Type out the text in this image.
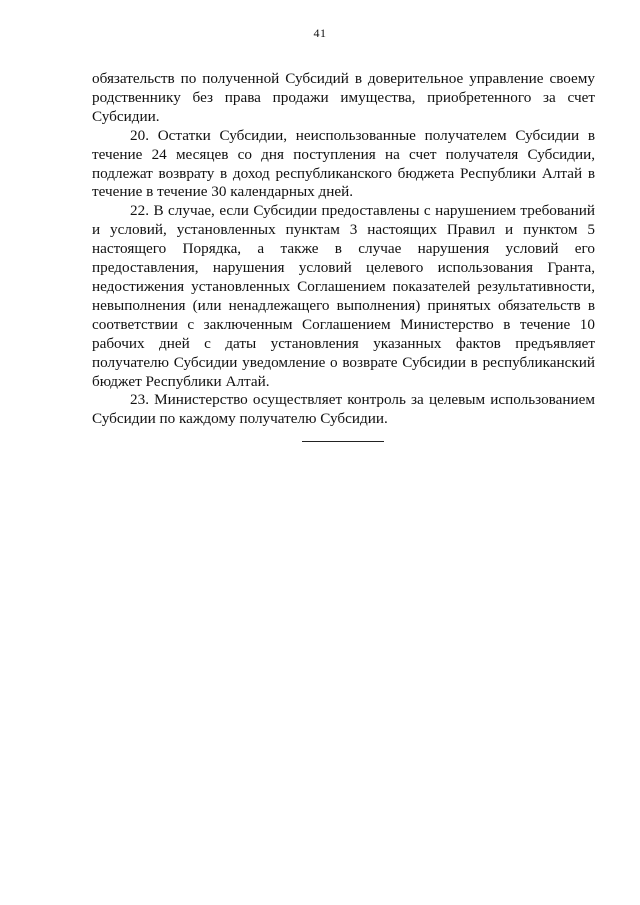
41

обязательств по полученной Субсидий в доверительное управление своему родственнику без права продажи имущества, приобретенного за счет Субсидии.

20. Остатки Субсидии, неиспользованные получателем Субсидии в течение 24 месяцев со дня поступления на счет получателя Субсидии, подлежат возврату в доход республиканского бюджета Республики Алтай в течение в течение 30 календарных дней.

22. В случае, если Субсидии предоставлены с нарушением требований и условий, установленных пунктам 3 настоящих Правил и пунктом 5 настоящего Порядка, а также в случае нарушения условий его предоставления, нарушения условий целевого использования Гранта, недостижения установленных Соглашением показателей результативности, невыполнения (или ненадлежащего выполнения) принятых обязательств в соответствии с заключенным Соглашением Министерство в течение 10 рабочих дней с даты установления указанных фактов предъявляет получателю Субсидии уведомление о возврате Субсидии в республиканский бюджет Республики Алтай.

23. Министерство осуществляет контроль за целевым использованием Субсидии по каждому получателю Субсидии.
